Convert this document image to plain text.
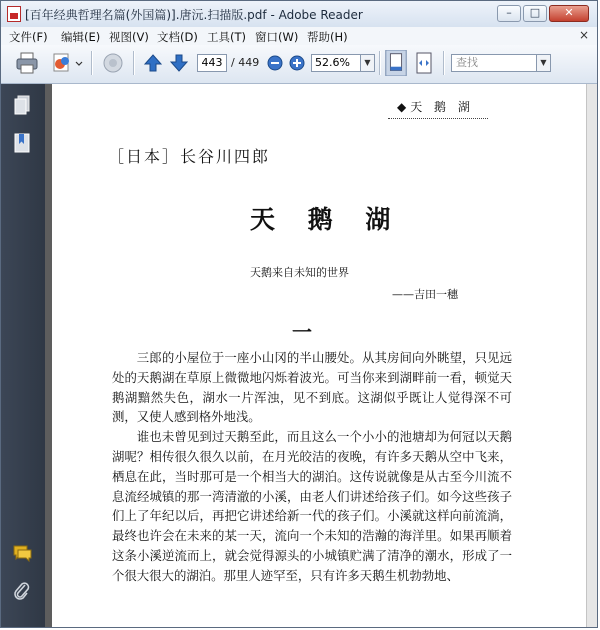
[百年经典哲理名篇(外国篇)].唐沅.扫描版.pdf - Adobe Reader	–	□	✕
文件(F) 编辑(E) 视图(V) 文档(D) 工具(T) 窗口(W) 帮助(H)	×
443 / 449	52.6%	▼	查找	▼
◆天 鹅 湖
［日本］长谷川四郎
天 鹅 湖
天鹅来自未知的世界
——吉田一穗
一

三郎的小屋位于一座小山冈的半山腰处。从其房间向外眺望，只见远处的天鹅湖在草原上微微地闪烁着波光。可当你来到湖畔前一看，顿觉天鹅湖黯然失色，湖水一片浑浊，见不到底。这湖似乎既让人觉得深不可测，又使人感到格外地浅。

谁也未曾见到过天鹅至此，而且这么一个小小的池塘却为何冠以天鹅湖呢？相传很久很久以前，在月光皎洁的夜晚，有许多天鹅从空中飞来，栖息在此，当时那可是一个相当大的湖泊。这传说就像是从古至今川流不息流经城镇的那一湾清澈的小溪，由老人们讲述给孩子们。如今这些孩子们上了年纪以后，再把它讲述给新一代的孩子们。小溪就这样向前流淌，最终也许会在未来的某一天，流向一个未知的浩瀚的海洋里。如果再顺着这条小溪逆流而上，就会觉得源头的小城镇贮满了清净的潮水，形成了一个很大很大的湖泊。那里人迹罕至，只有许多天鹅生机勃勃地、
